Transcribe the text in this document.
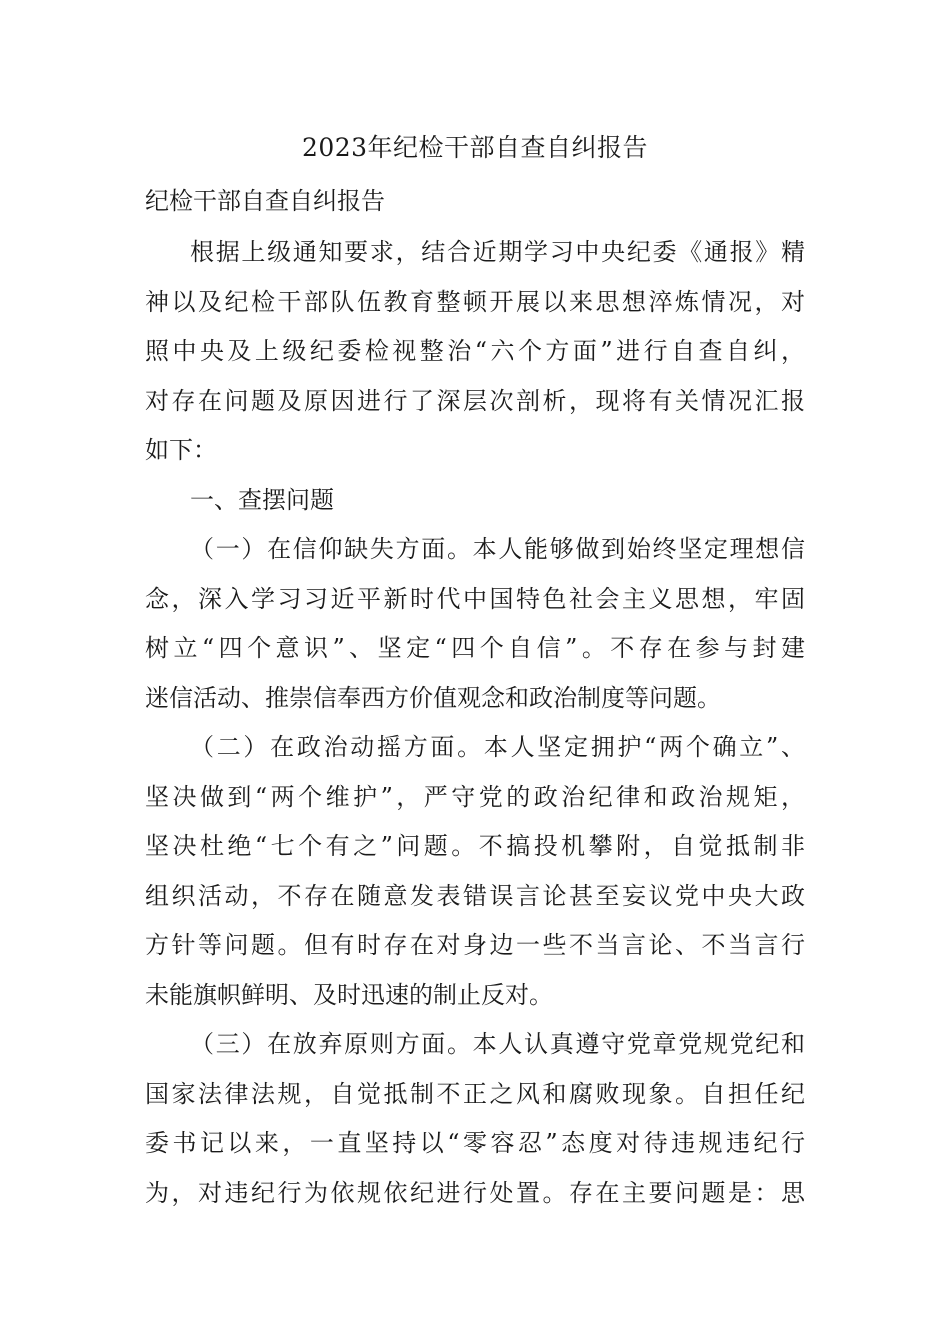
2023年纪检干部自查自纠报告
纪检干部自查自纠报告
根据上级通知要求，结合近期学习中央纪委《通报》精
神以及纪检干部队伍教育整顿开展以来思想淬炼情况，对
照中央及上级纪委检视整治“六个方面”进行自查自纠，
对存在问题及原因进行了深层次剖析，现将有关情况汇报
如下：
一、查摆问题
（一）在信仰缺失方面。本人能够做到始终坚定理想信
念，深入学习习近平新时代中国特色社会主义思想，牢固
树立“四个意识”、坚定“四个自信”。不存在参与封建
迷信活动、推崇信奉西方价值观念和政治制度等问题。
（二）在政治动摇方面。本人坚定拥护“两个确立”、
坚决做到“两个维护”，严守党的政治纪律和政治规矩，
坚决杜绝“七个有之”问题。不搞投机攀附，自觉抵制非
组织活动，不存在随意发表错误言论甚至妄议党中央大政
方针等问题。但有时存在对身边一些不当言论、不当言行
未能旗帜鲜明、及时迅速的制止反对。
（三）在放弃原则方面。本人认真遵守党章党规党纪和
国家法律法规，自觉抵制不正之风和腐败现象。自担任纪
委书记以来，一直坚持以“零容忍”态度对待违规违纪行
为，对违纪行为依规依纪进行处置。存在主要问题是：思
